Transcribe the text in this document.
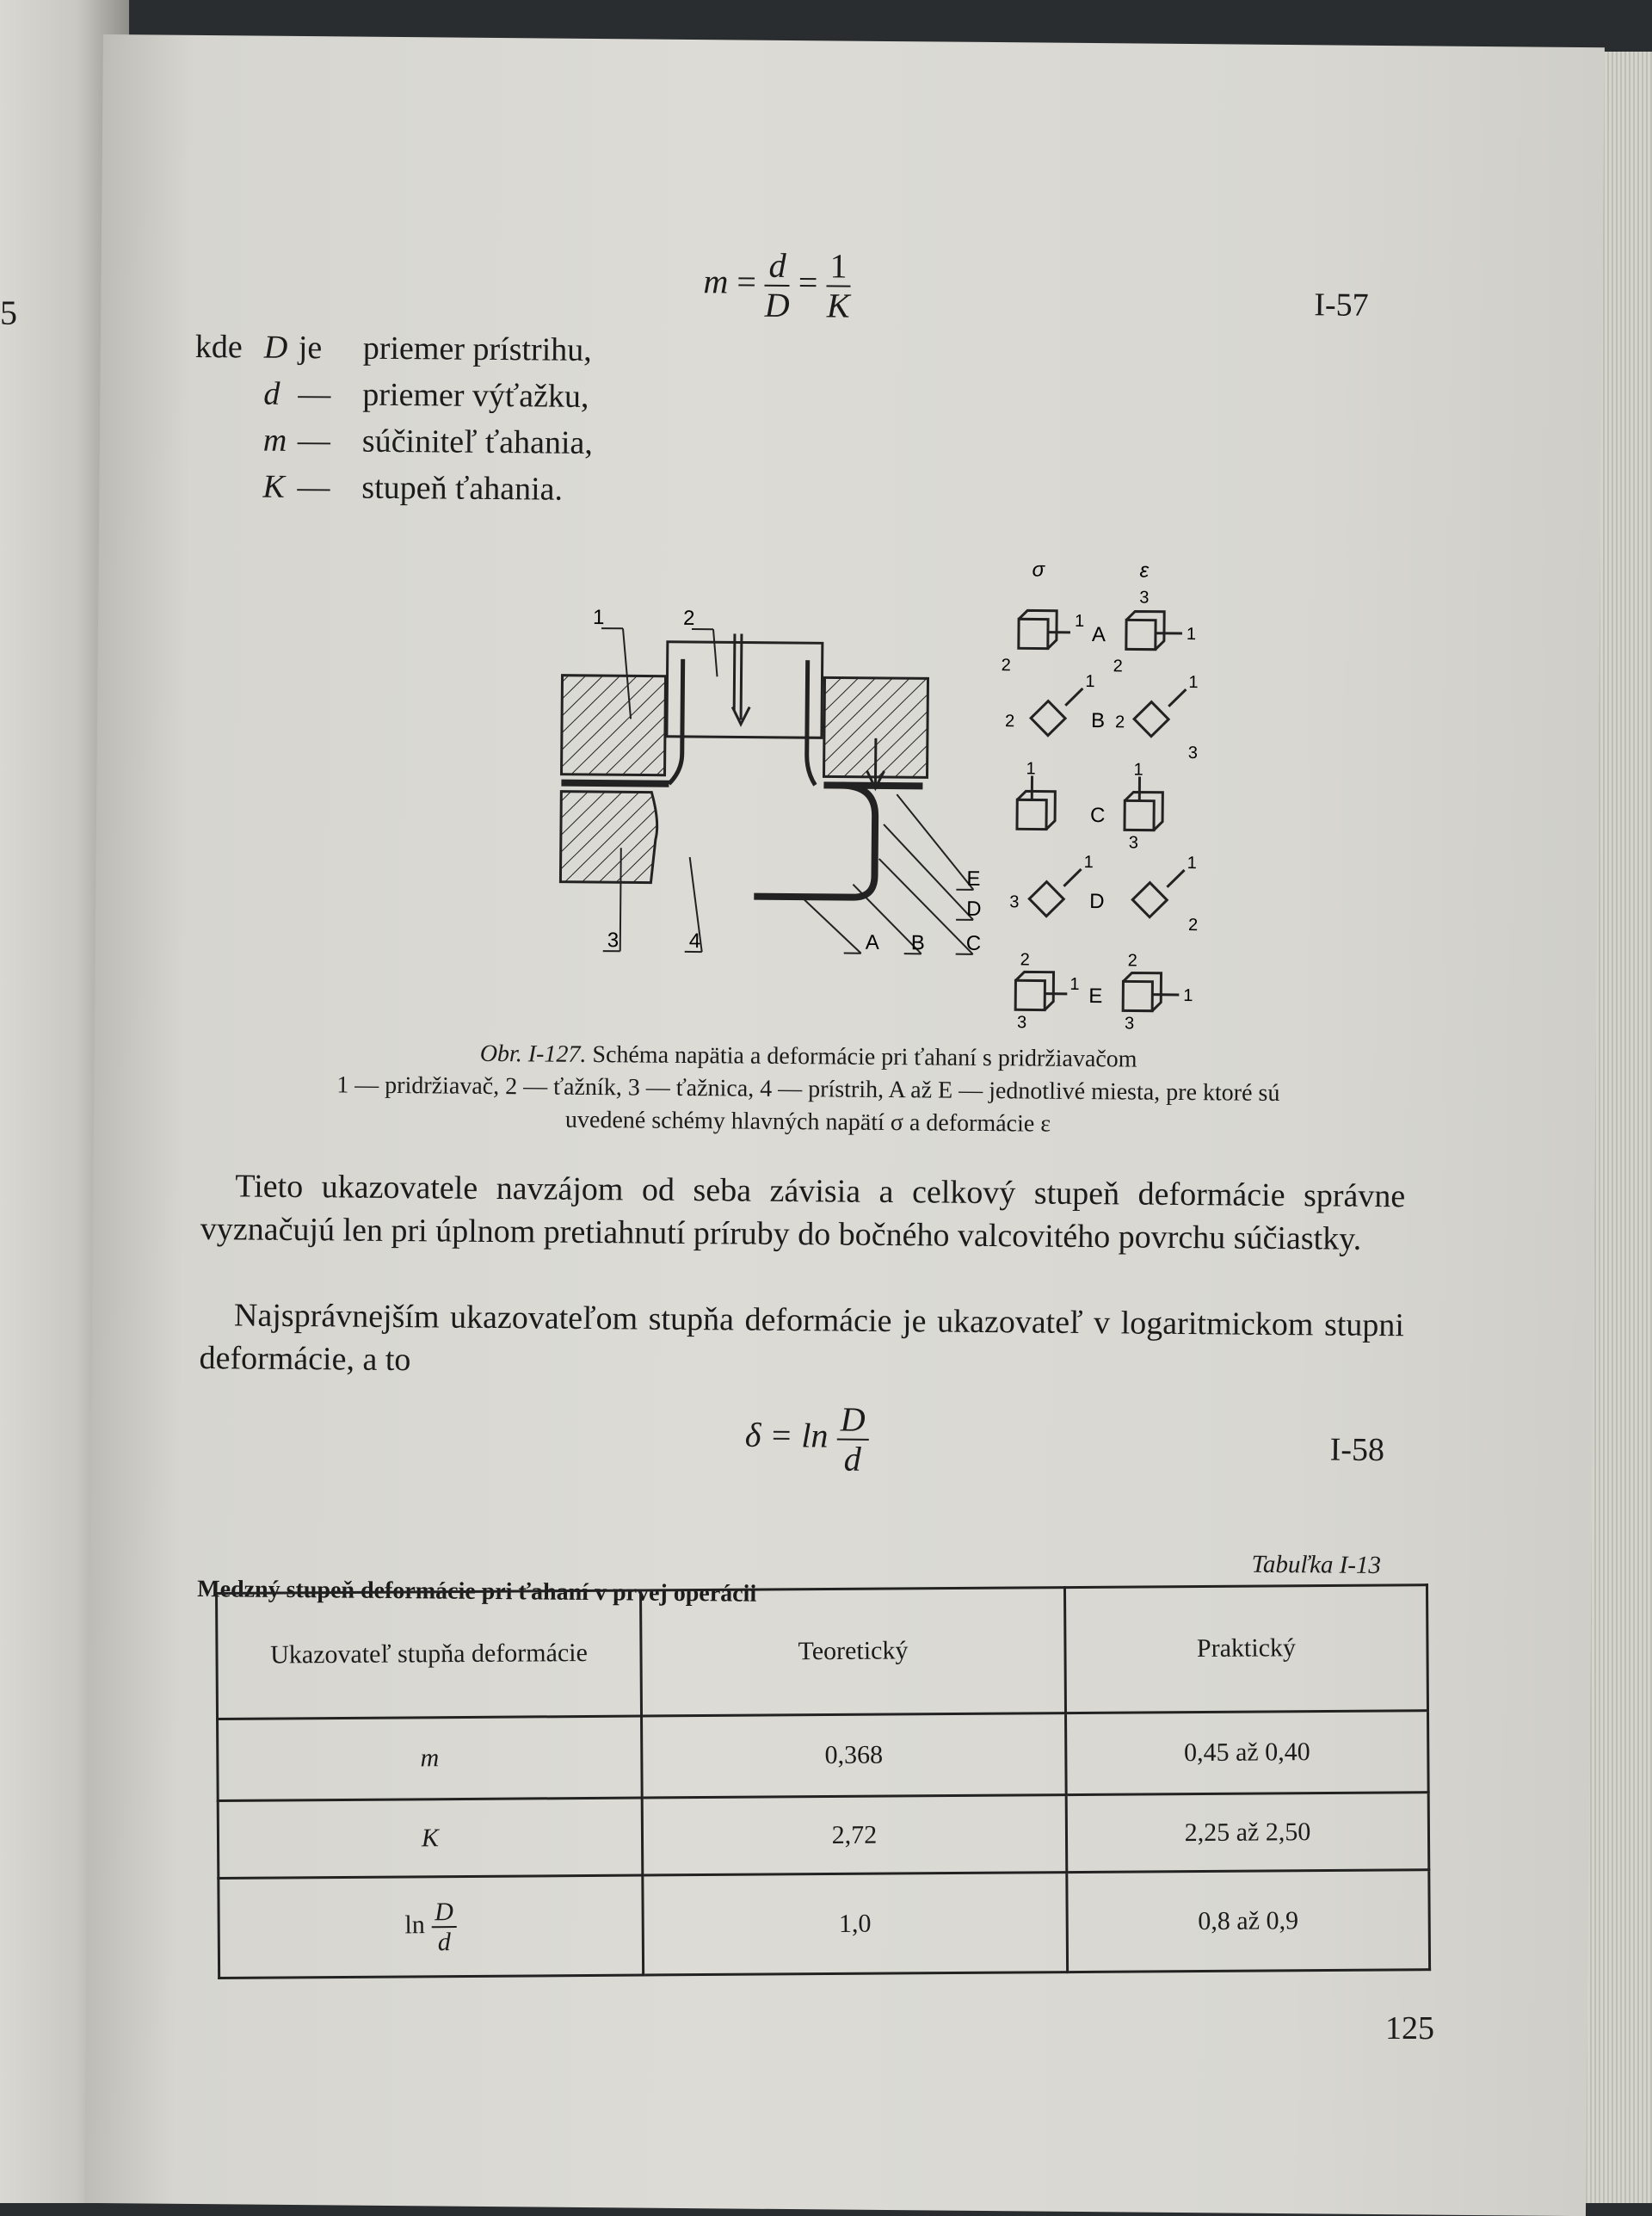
5
$m = \frac{d}{D} = \frac{1}{K}$	I-57
kde D je priemer prístrihu,
d — priemer výťažku,
m — súčiniteľ ťahania,
K — stupeň ťahania.
1	2
3	4	A B C
D
E
σ	ε
A
B
C
D
E
1
2
3
1
2
2	2
1	1
3
1	1
3
3
1	1
2
2	2
1
1
3	3
Obr. I-127. Schéma napätia a deformácie pri ťahaní s pridržiavačom
1 — pridržiavač, 2 — ťažník, 3 — ťažnica, 4 — prístrih, A až E — jednotlivé miesta, pre ktoré sú
uvedené schémy hlavných napätí σ a deformácie ε
Tieto ukazovatele navzájom od seba závisia a celkový stupeň deformácie správne vyznačujú len pri úplnom pretiahnutí príruby do bočného valcovitého povrchu súčiastky.
Najsprávnejším ukazovateľom stupňa deformácie je ukazovateľ v logaritmickom stupni deformácie, a to
$\delta = \ln \frac{D}{d}$	I-58
Tabuľka I-13
Medzný stupeň deformácie pri ťahaní v prvej operácii
Ukazovateľ stupňa deformácie	Teoretický	Praktický
m	0,368	0,45 až 0,40
K	2,72	2,25 až 2,50
$\ln \frac{D}{d}$	1,0	0,8 až 0,9
125
